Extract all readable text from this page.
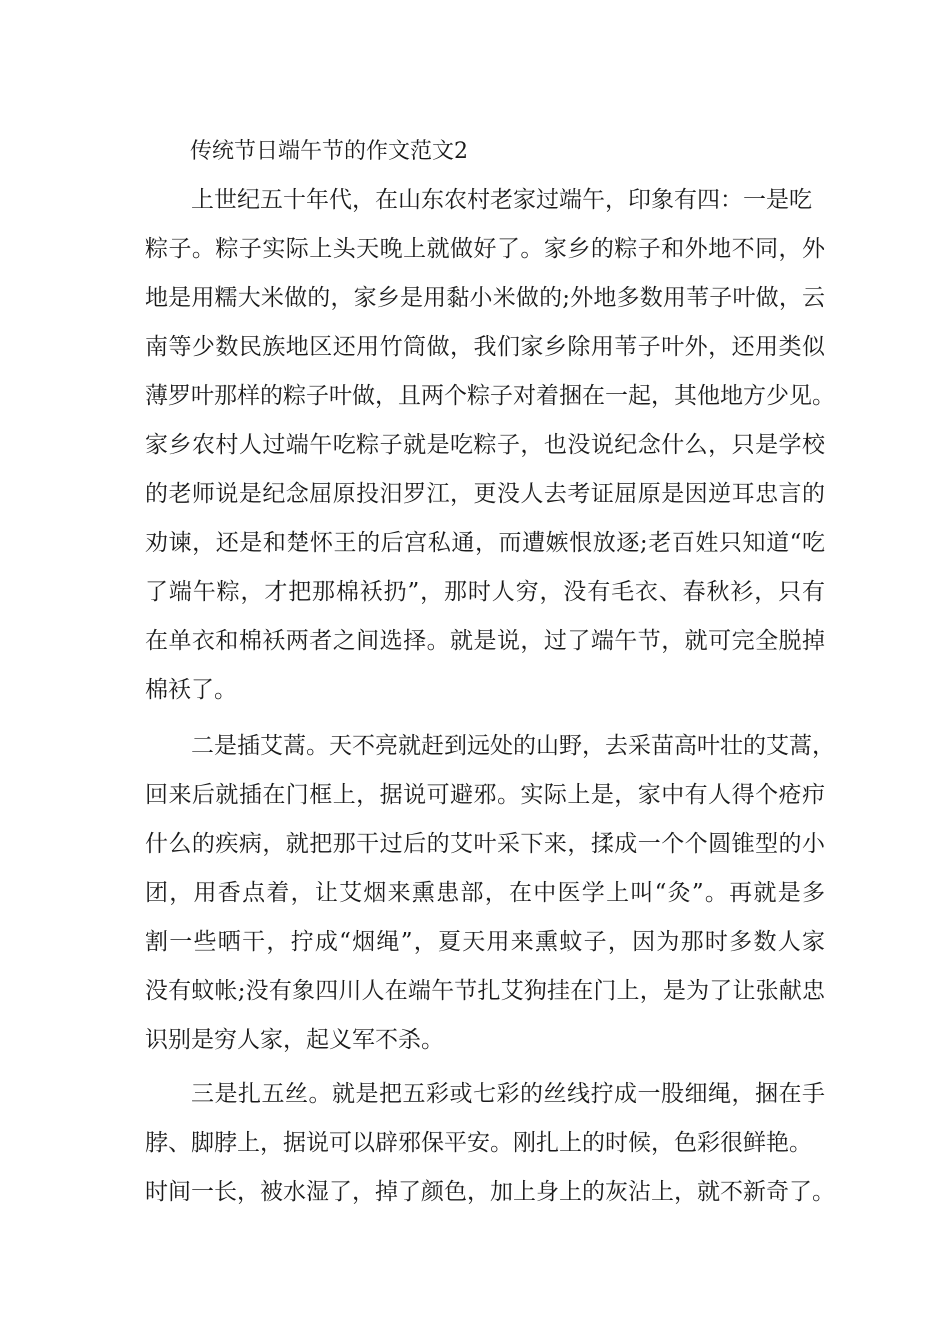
传统节日端午节的作文范文2
上世纪五十年代，在山东农村老家过端午，印象有四：一是吃
粽子。粽子实际上头天晚上就做好了。家乡的粽子和外地不同，外
地是用糯大米做的，家乡是用黏小米做的;外地多数用苇子叶做，云
南等少数民族地区还用竹筒做，我们家乡除用苇子叶外，还用类似
薄罗叶那样的粽子叶做，且两个粽子对着捆在一起，其他地方少见。
家乡农村人过端午吃粽子就是吃粽子，也没说纪念什么，只是学校
的老师说是纪念屈原投汨罗江，更没人去考证屈原是因逆耳忠言的
劝谏，还是和楚怀王的后宫私通，而遭嫉恨放逐;老百姓只知道“吃
了端午粽，才把那棉袄扔”，那时人穷，没有毛衣、春秋衫，只有
在单衣和棉袄两者之间选择。就是说，过了端午节，就可完全脱掉
棉袄了。
二是插艾蒿。天不亮就赶到远处的山野，去采苗高叶壮的艾蒿，
回来后就插在门框上，据说可避邪。实际上是，家中有人得个疮疖
什么的疾病，就把那干过后的艾叶采下来，揉成一个个圆锥型的小
团，用香点着，让艾烟来熏患部，在中医学上叫“灸”。再就是多
割一些晒干，拧成“烟绳”，夏天用来熏蚊子，因为那时多数人家
没有蚊帐;没有象四川人在端午节扎艾狗挂在门上，是为了让张献忠
识别是穷人家，起义军不杀。
三是扎五丝。就是把五彩或七彩的丝线拧成一股细绳，捆在手
脖、脚脖上，据说可以辟邪保平安。刚扎上的时候，色彩很鲜艳。
时间一长，被水湿了，掉了颜色，加上身上的灰沾上，就不新奇了。
